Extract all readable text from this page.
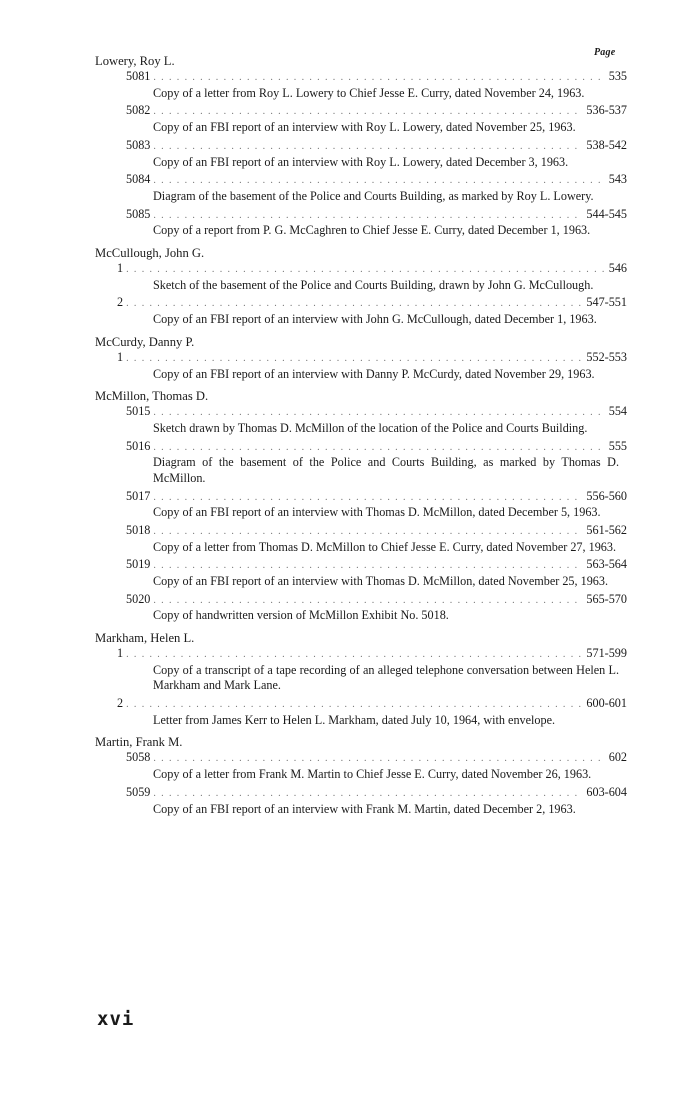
Page
Lowery, Roy L.
5081 . . .	535
Copy of a letter from Roy L. Lowery to Chief Jesse E. Curry, dated November 24, 1963.
5082 . . .	536-537
Copy of an FBI report of an interview with Roy L. Lowery, dated November 25, 1963.
5083 . . .	538-542
Copy of an FBI report of an interview with Roy L. Lowery, dated December 3, 1963.
5084 . . .	543
Diagram of the basement of the Police and Courts Building, as marked by Roy L. Lowery.
5085 . . .	544-545
Copy of a report from P. G. McCaghren to Chief Jesse E. Curry, dated December 1, 1963.
McCullough, John G.
1 . . .	546
Sketch of the basement of the Police and Courts Building, drawn by John G. McCullough.
2 . . .	547-551
Copy of an FBI report of an interview with John G. McCullough, dated December 1, 1963.
McCurdy, Danny P.
1 . . .	552-553
Copy of an FBI report of an interview with Danny P. McCurdy, dated November 29, 1963.
McMillon, Thomas D.
5015 . . .	554
Sketch drawn by Thomas D. McMillon of the location of the Police and Courts Building.
5016 . . .	555
Diagram of the basement of the Police and Courts Building, as marked by Thomas D. McMillon.
5017 . . .	556-560
Copy of an FBI report of an interview with Thomas D. McMillon, dated December 5, 1963.
5018 . . .	561-562
Copy of a letter from Thomas D. McMillon to Chief Jesse E. Curry, dated November 27, 1963.
5019 . . .	563-564
Copy of an FBI report of an interview with Thomas D. McMillon, dated November 25, 1963.
5020 . . .	565-570
Copy of handwritten version of McMillon Exhibit No. 5018.
Markham, Helen L.
1 . . .	571-599
Copy of a transcript of a tape recording of an alleged telephone conversation between Helen L. Markham and Mark Lane.
2 . . .	600-601
Letter from James Kerr to Helen L. Markham, dated July 10, 1964, with envelope.
Martin, Frank M.
5058 . . .	602
Copy of a letter from Frank M. Martin to Chief Jesse E. Curry, dated November 26, 1963.
5059 . . .	603-604
Copy of an FBI report of an interview with Frank M. Martin, dated December 2, 1963.
xvi
